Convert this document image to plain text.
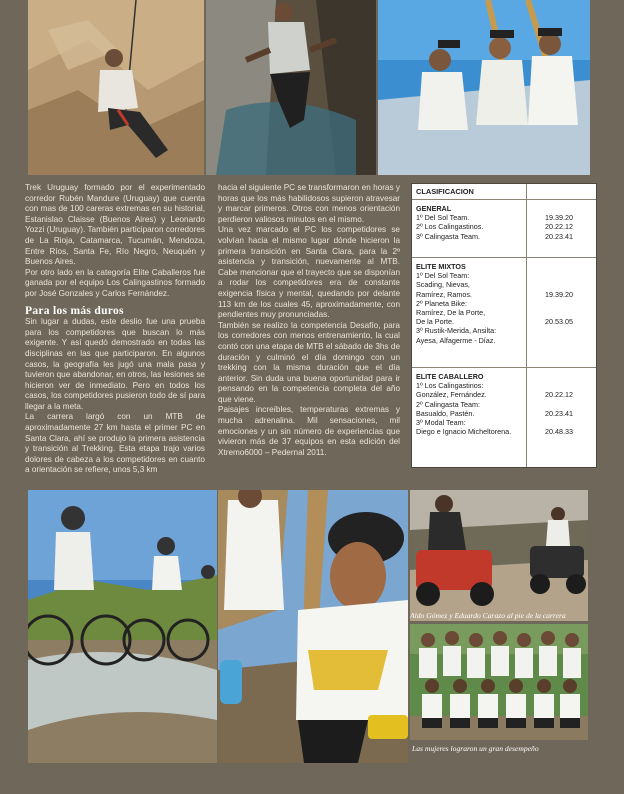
Trek Uruguay formado por el experimentado corredor Rubén Mandure (Uruguay) que cuenta con mas de 100 careras extremas en su historial, Estanislao Claisse (Buenos Aires) y Leonardo Yozzi (Uruguay). También participaron corredores de La Rioja, Catamarca, Tucumán, Mendoza, Entre Ríos, Santa Fe, Río Negro, Neuquén y Buenos Aires.

Por otro lado en la categoría Elite Caballeros fue ganada por el equipo Los Calingastinos formado por José Gonzales y Carlos Fernández.

Para los más duros

Sin lugar a dudas, este deslio fue una prueba para los competidores que buscan lo más exigente. Y así quedó demostrado en todas las disciplinas en las que participaron. En algunos casos, la geografía les jugó una mala pasa y tuvieron que abandonar, en otros, las lesiones se hicieron ver de inmediato. Pero en todos los casos, los competidores pusieron todo de sí para llegar a la meta.

La carrera largó con un MTB de aproximadamente 27 km hasta el primer PC en Santa Clara, ahí se produjo la primera asistencia y transición al Trekking. Esta etapa trajo varios dolores de cabeza a los competidores en cuanto a orientación se refiere, unos 5,3 km

hacia el siguiente PC se transformaron en horas y horas que los más habilidosos supieron atravesar y marcar primeros. Otros con menos orientación perdieron valiosos minutos en el mismo.

Una vez marcado el PC los competidores se volvían hacia el mismo lugar dónde hicieron la primera transición en Santa Clara, para la 2º asistencia y transición, nuevamente al MTB. Cabe mencionar que el trayecto que se disponían a rodar los competidores era de constante exigencia física y mental, quedando por delante 113 km de los cuales 45, aproximadamente, con pendientes muy pronunciadas.

También se realizo la competencia Desafío, para los corredores con menos entrenamiento, la cual contó con una etapa de MTB el sábado de 3hs de duración y culminó el día domingo con un trekking con la misma duración que el día anterior. Sin duda una buena oportunidad para ir pensando en la competencia completa del año que viene.

Paisajes increíbles, temperaturas extremas y mucha adrenalina. Mil sensaciones, mil emociones y un sin número de experiencias que vivieron más de 37 equipos en esta edición del Xtremo6000 – Pedernal 2011.

CLASIFICACION
GENERAL
1º Del Sol Team.	19.39.20
2º Los Calingastinos.	20.22.12
3º Calingasta Team.	20.23.41
ELITE MIXTOS
1º Del Sol Team:
Scading, Nievas,
Ramírez, Ramos.	19.39.20
2º Planeta Bike:
Ramírez, De la Porte,
De la Porte.	20.53.05
3º Rustik-Merida, Ansilta:
Ayesa, Alfagerme - Díaz.
ELITE CABALLERO
1º Los Calingastinos:
González, Fernández.	20.22.12
2º Calingasta Team:
Basualdo, Pastén.	20.23.41
3º Modal Team:
Diego e Ignacio Micheltorena.	20.48.33
Aldo Gómez y Eduardo Carazo al pie de la carrera
Las mujeres lograron un gran desempeño
